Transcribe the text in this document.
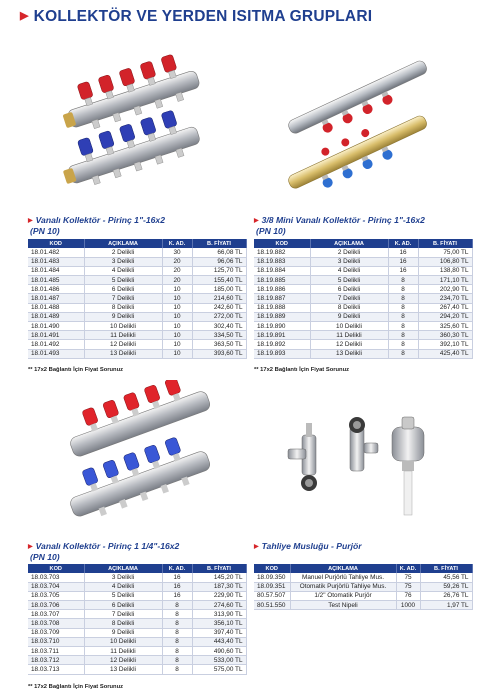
▶ KOLLEKTÖR VE YERDEN ISITMA GRUPLARI
▶ Vanalı Kollektör - Pirinç 1"-16x2
(PN 10)
KOD	AÇIKLAMA	K. AD.	B. FİYATI
18.01.482	2 Delikli	30	66,08 TL
18.01.483	3 Delikli	20	96,06 TL
18.01.484	4 Delikli	20	125,70 TL
18.01.485	5 Delikli	20	155,40 TL
18.01.486	6 Delikli	10	185,00 TL
18.01.487	7 Delikli	10	214,60 TL
18.01.488	8 Delikli	10	242,60 TL
18.01.489	9 Delikli	10	272,00 TL
18.01.490	10 Delikli	10	302,40 TL
18.01.491	11 Delikli	10	334,50 TL
18.01.492	12 Delikli	10	363,50 TL
18.01.493	13 Delikli	10	393,60 TL
** 17x2 Bağlantı İçin Fiyat Sorunuz
▶ 3/8 Mini Vanalı Kollektör - Pirinç 1"-16x2
(PN 10)
KOD	AÇIKLAMA	K. AD.	B. FİYATI
18.19.882	2 Delikli	16	75,00 TL
18.19.883	3 Delikli	16	106,80 TL
18.19.884	4 Delikli	16	138,80 TL
18.19.885	5 Delikli	8	171,10 TL
18.19.886	6 Delikli	8	202,90 TL
18.19.887	7 Delikli	8	234,70 TL
18.19.888	8 Delikli	8	267,40 TL
18.19.889	9 Delikli	8	294,20 TL
18.19.890	10 Delikli	8	325,60 TL
18.19.891	11 Delikli	8	360,30 TL
18.19.892	12 Delikli	8	392,10 TL
18.19.893	13 Delikli	8	425,40 TL
** 17x2 Bağlantı İçin Fiyat Sorunuz
▶ Vanalı Kollektör - Pirinç 1 1/4"-16x2
(PN 10)
KOD	AÇIKLAMA	K. AD.	B. FİYATI
18.03.703	3 Delikli	16	145,20 TL
18.03.704	4 Delikli	16	187,30 TL
18.03.705	5 Delikli	16	229,90 TL
18.03.706	6 Delikli	8	274,60 TL
18.03.707	7 Delikli	8	313,90 TL
18.03.708	8 Delikli	8	356,10 TL
18.03.709	9 Delikli	8	397,40 TL
18.03.710	10 Delikli	8	443,40 TL
18.03.711	11 Delikli	8	490,60 TL
18.03.712	12 Delikli	8	533,00 TL
18.03.713	13 Delikli	8	575,00 TL
** 17x2 Bağlantı İçin Fiyat Sorunuz
▶ Tahliye Musluğu - Purjör
KOD	AÇIKLAMA	K. AD.	B. FİYATI
18.09.350	Manuel Purjörlü Tahliye Mus.	75	45,56 TL
18.09.351	Otomatik Purjörlü Tahliye Mus.	75	59,26 TL
80.57.507	1/2" Otomatik Purjör	76	26,76 TL
80.51.550	Test Nipeli	1000	1,97 TL
